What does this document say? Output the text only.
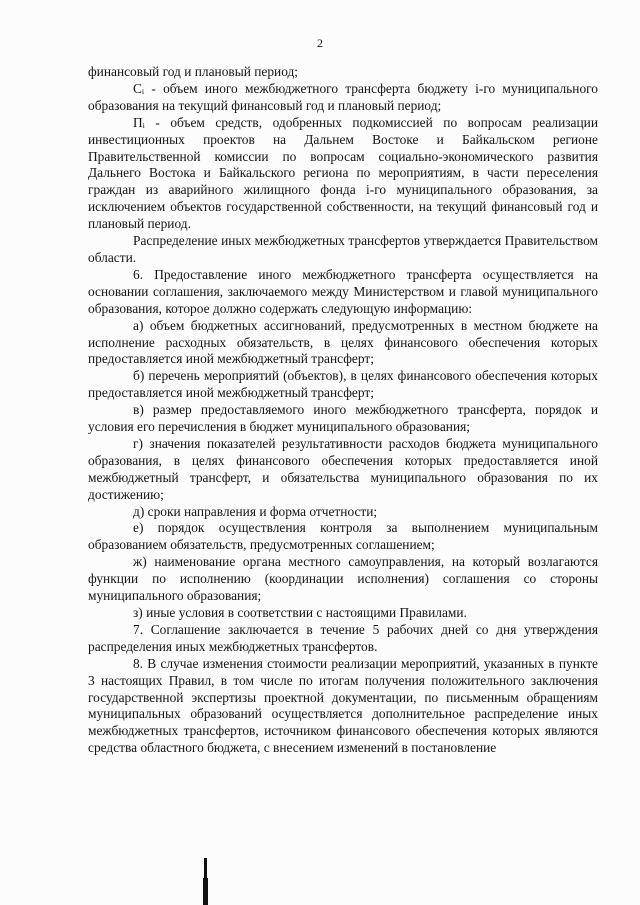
2

финансовый год и плановый период;

Cᵢ - объем иного межбюджетного трансферта бюджету i-го муниципального образования на текущий финансовый год и плановый период;

Пᵢ - объем средств, одобренных подкомиссией по вопросам реализации инвестиционных проектов на Дальнем Востоке и Байкальском регионе Правительственной комиссии по вопросам социально-экономического развития Дальнего Востока и Байкальского региона по мероприятиям, в части переселения граждан из аварийного жилищного фонда i-го муниципального образования, за исключением объектов государственной собственности, на текущий финансовый год и плановый период.

Распределение иных межбюджетных трансфертов утверждается Правительством области.

6. Предоставление иного межбюджетного трансферта осуществляется на основании соглашения, заключаемого между Министерством и главой муниципального образования, которое должно содержать следующую информацию:

а) объем бюджетных ассигнований, предусмотренных в местном бюджете на исполнение расходных обязательств, в целях финансового обеспечения которых предоставляется иной межбюджетный трансферт;

б) перечень мероприятий (объектов), в целях финансового обеспечения которых предоставляется иной межбюджетный трансферт;

в) размер предоставляемого иного межбюджетного трансферта, порядок и условия его перечисления в бюджет муниципального образования;

г) значения показателей результативности расходов бюджета муниципального образования, в целях финансового обеспечения которых предоставляется иной межбюджетный трансферт, и обязательства муниципального образования по их достижению;

д) сроки направления и форма отчетности;

е) порядок осуществления контроля за выполнением муниципальным образованием обязательств, предусмотренных соглашением;

ж) наименование органа местного самоуправления, на который возлагаются функции по исполнению (координации исполнения) соглашения со стороны муниципального образования;

з) иные условия в соответствии с настоящими Правилами.

7. Соглашение заключается в течение 5 рабочих дней со дня утверждения распределения иных межбюджетных трансфертов.

8. В случае изменения стоимости реализации мероприятий, указанных в пункте 3 настоящих Правил, в том числе по итогам получения положительного заключения государственной экспертизы проектной документации, по письменным обращениям муниципальных образований осуществляется дополнительное распределение иных межбюджетных трансфертов, источником финансового обеспечения которых являются средства областного бюджета, с внесением изменений в постановление
